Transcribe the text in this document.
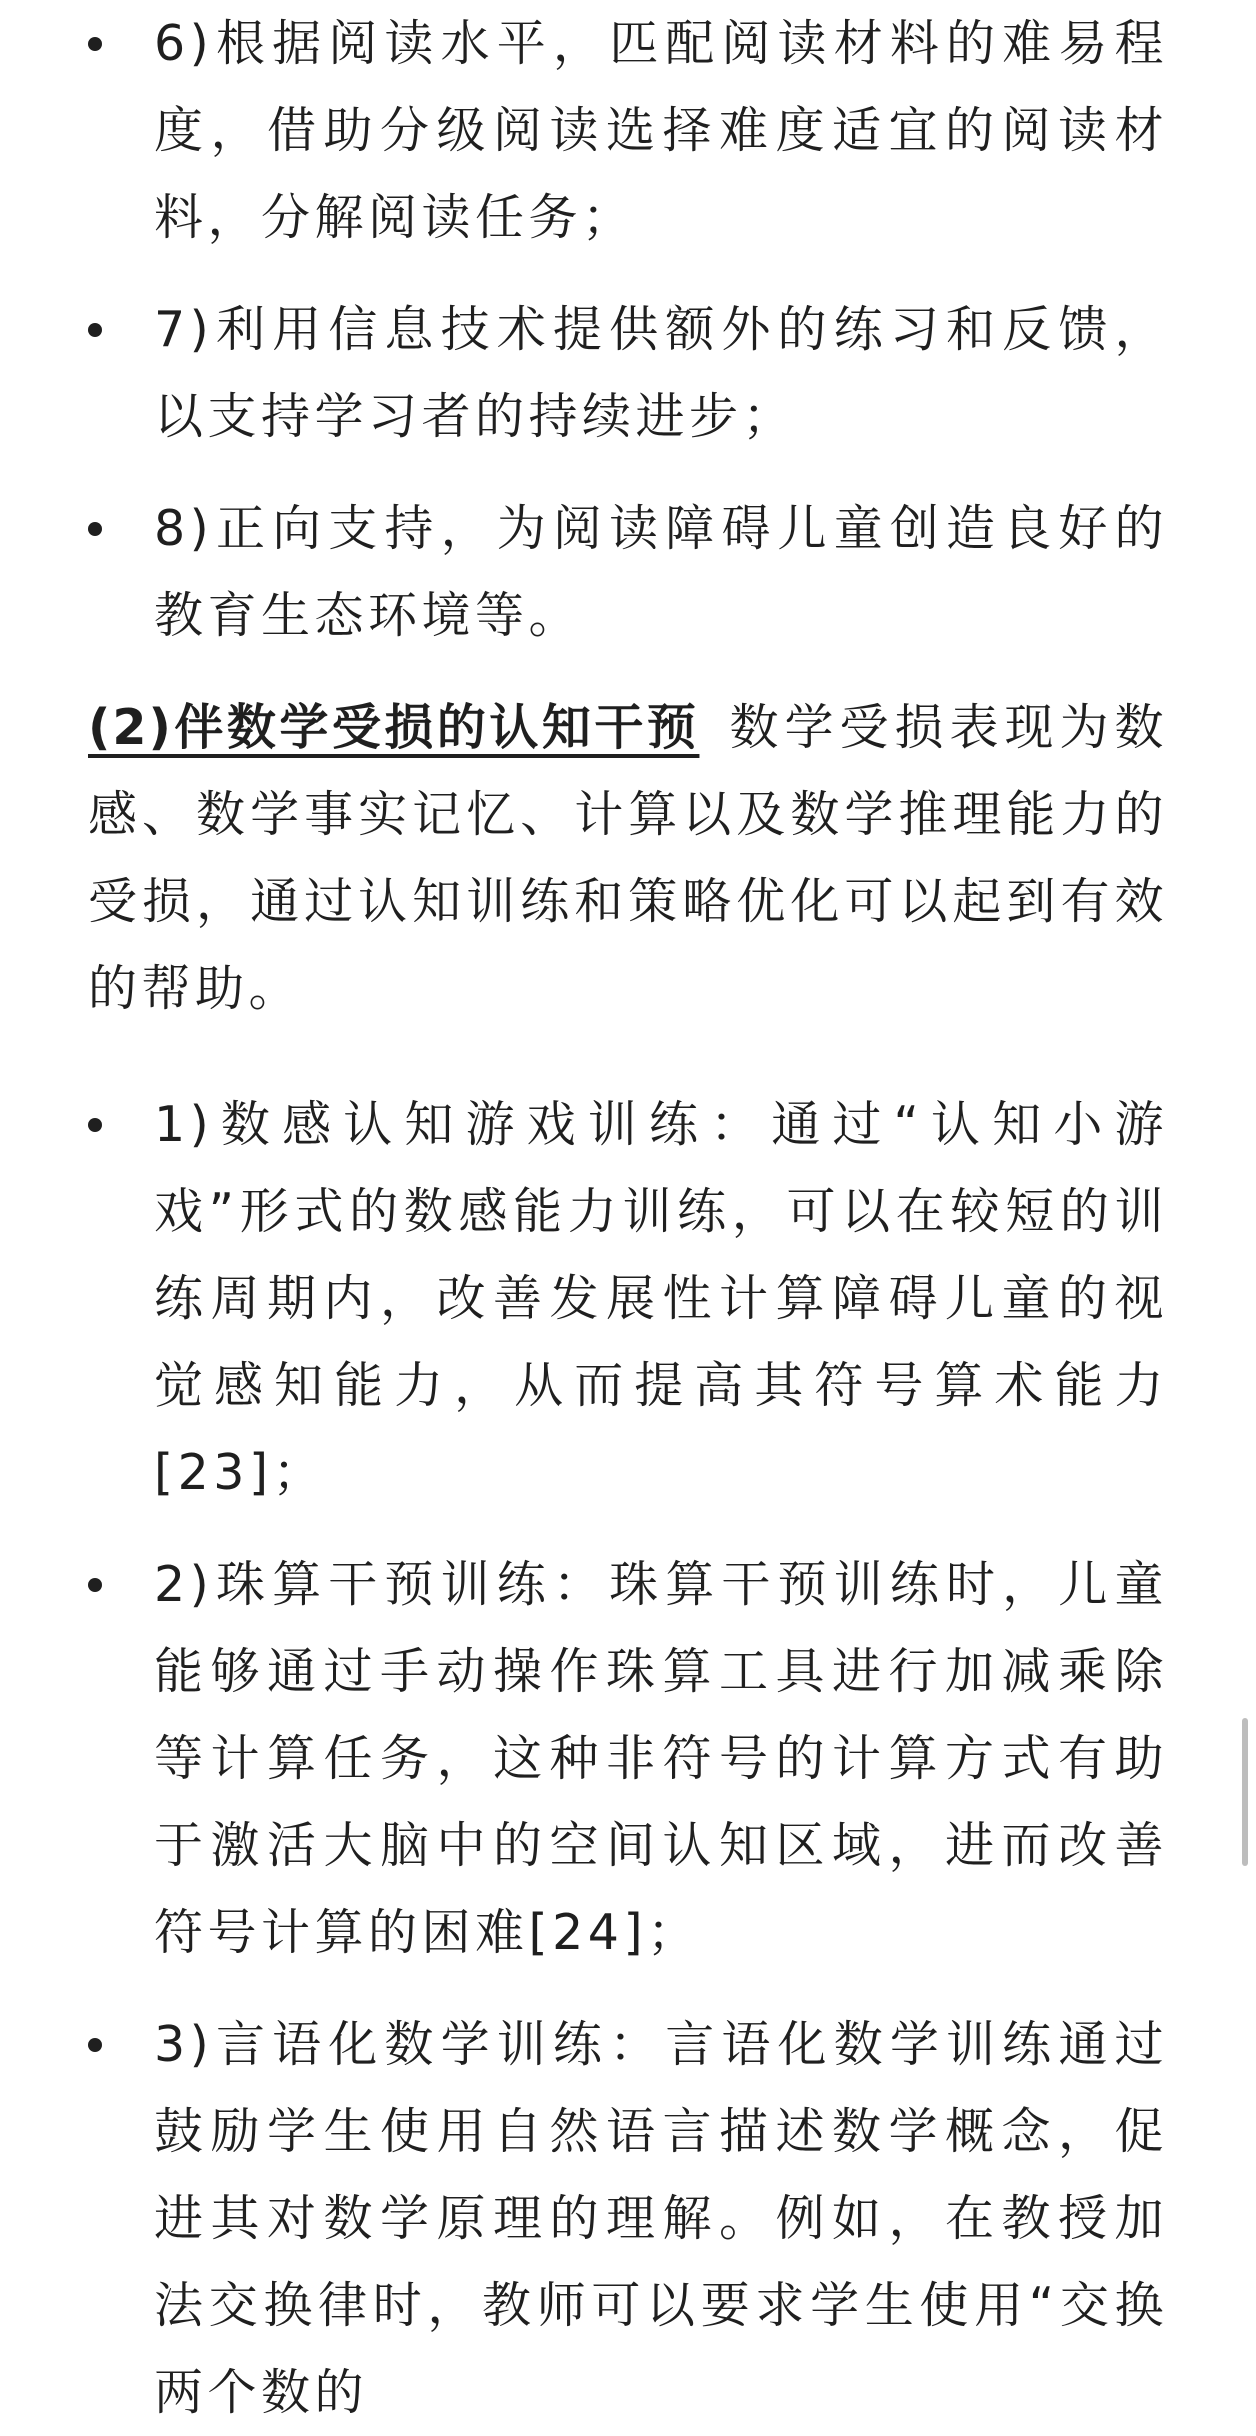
6)根据阅读水平，匹配阅读材料的难易程度，借助分级阅读选择难度适宜的阅读材料，分解阅读任务；
7)利用信息技术提供额外的练习和反馈，以支持学习者的持续进步；
8)正向支持，为阅读障碍儿童创造良好的教育生态环境等。

(2)伴数学受损的认知干预 数学受损表现为数感、数学事实记忆、计算以及数学推理能力的受损，通过认知训练和策略优化可以起到有效的帮助。

1)数感认知游戏训练：通过“认知小游戏”形式的数感能力训练，可以在较短的训练周期内，改善发展性计算障碍儿童的视觉感知能力，从而提高其符号算术能力[23]；
2)珠算干预训练：珠算干预训练时，儿童能够通过手动操作珠算工具进行加减乘除等计算任务，这种非符号的计算方式有助于激活大脑中的空间认知区域，进而改善符号计算的困难[24]；
3)言语化数学训练：言语化数学训练通过鼓励学生使用自然语言描述数学概念，促进其对数学原理的理解。例如，在教授加法交换律时，教师可以要求学生使用“交换两个数的
